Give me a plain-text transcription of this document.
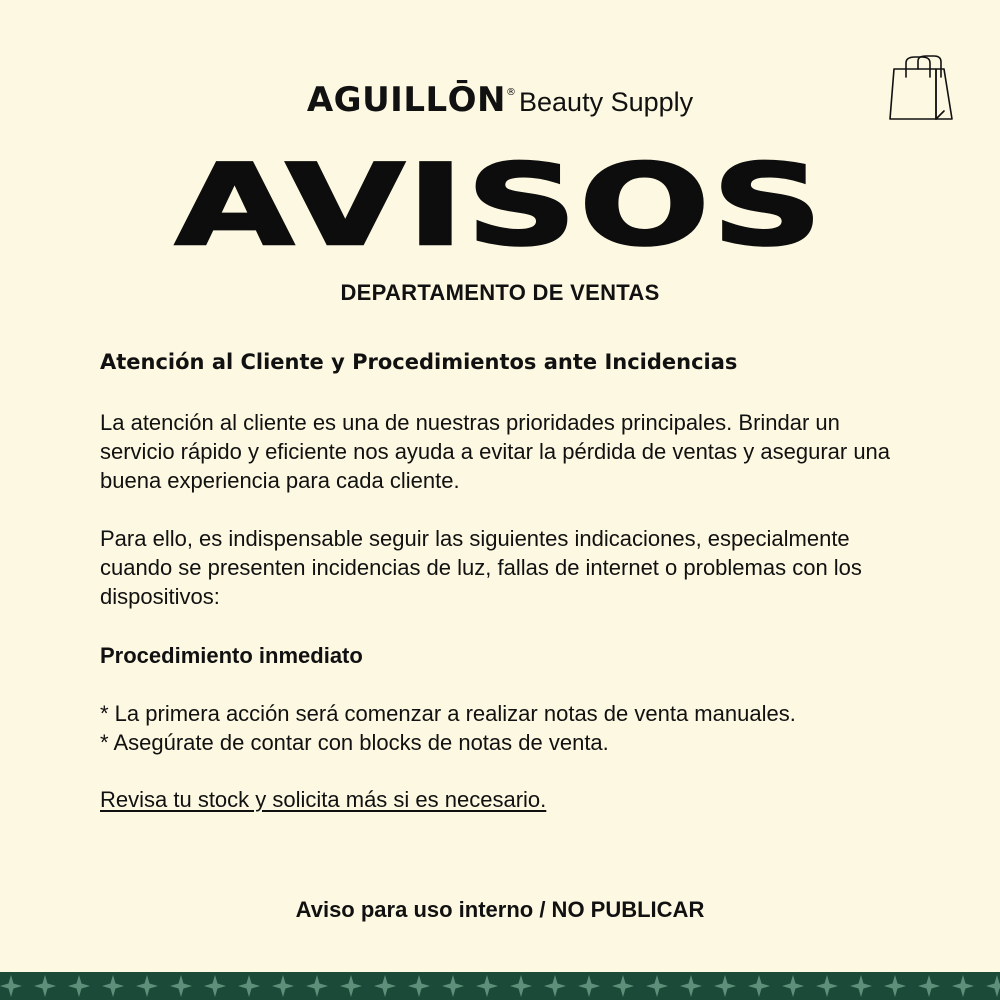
AGUILLŌN® Beauty Supply
AVISOS
DEPARTAMENTO DE VENTAS
Atención al Cliente y Procedimientos ante Incidencias

La atención al cliente es una de nuestras prioridades principales. Brindar un servicio rápido y eficiente nos ayuda a evitar la pérdida de ventas y asegurar una buena experiencia para cada cliente.

Para ello, es indispensable seguir las siguientes indicaciones, especialmente cuando se presenten incidencias de luz, fallas de internet o problemas con los dispositivos:

Procedimiento inmediato
* La primera acción será comenzar a realizar notas de venta manuales.
* Asegúrate de contar con blocks de notas de venta.
Revisa tu stock y solicita más si es necesario.
Aviso para uso interno / NO PUBLICAR
